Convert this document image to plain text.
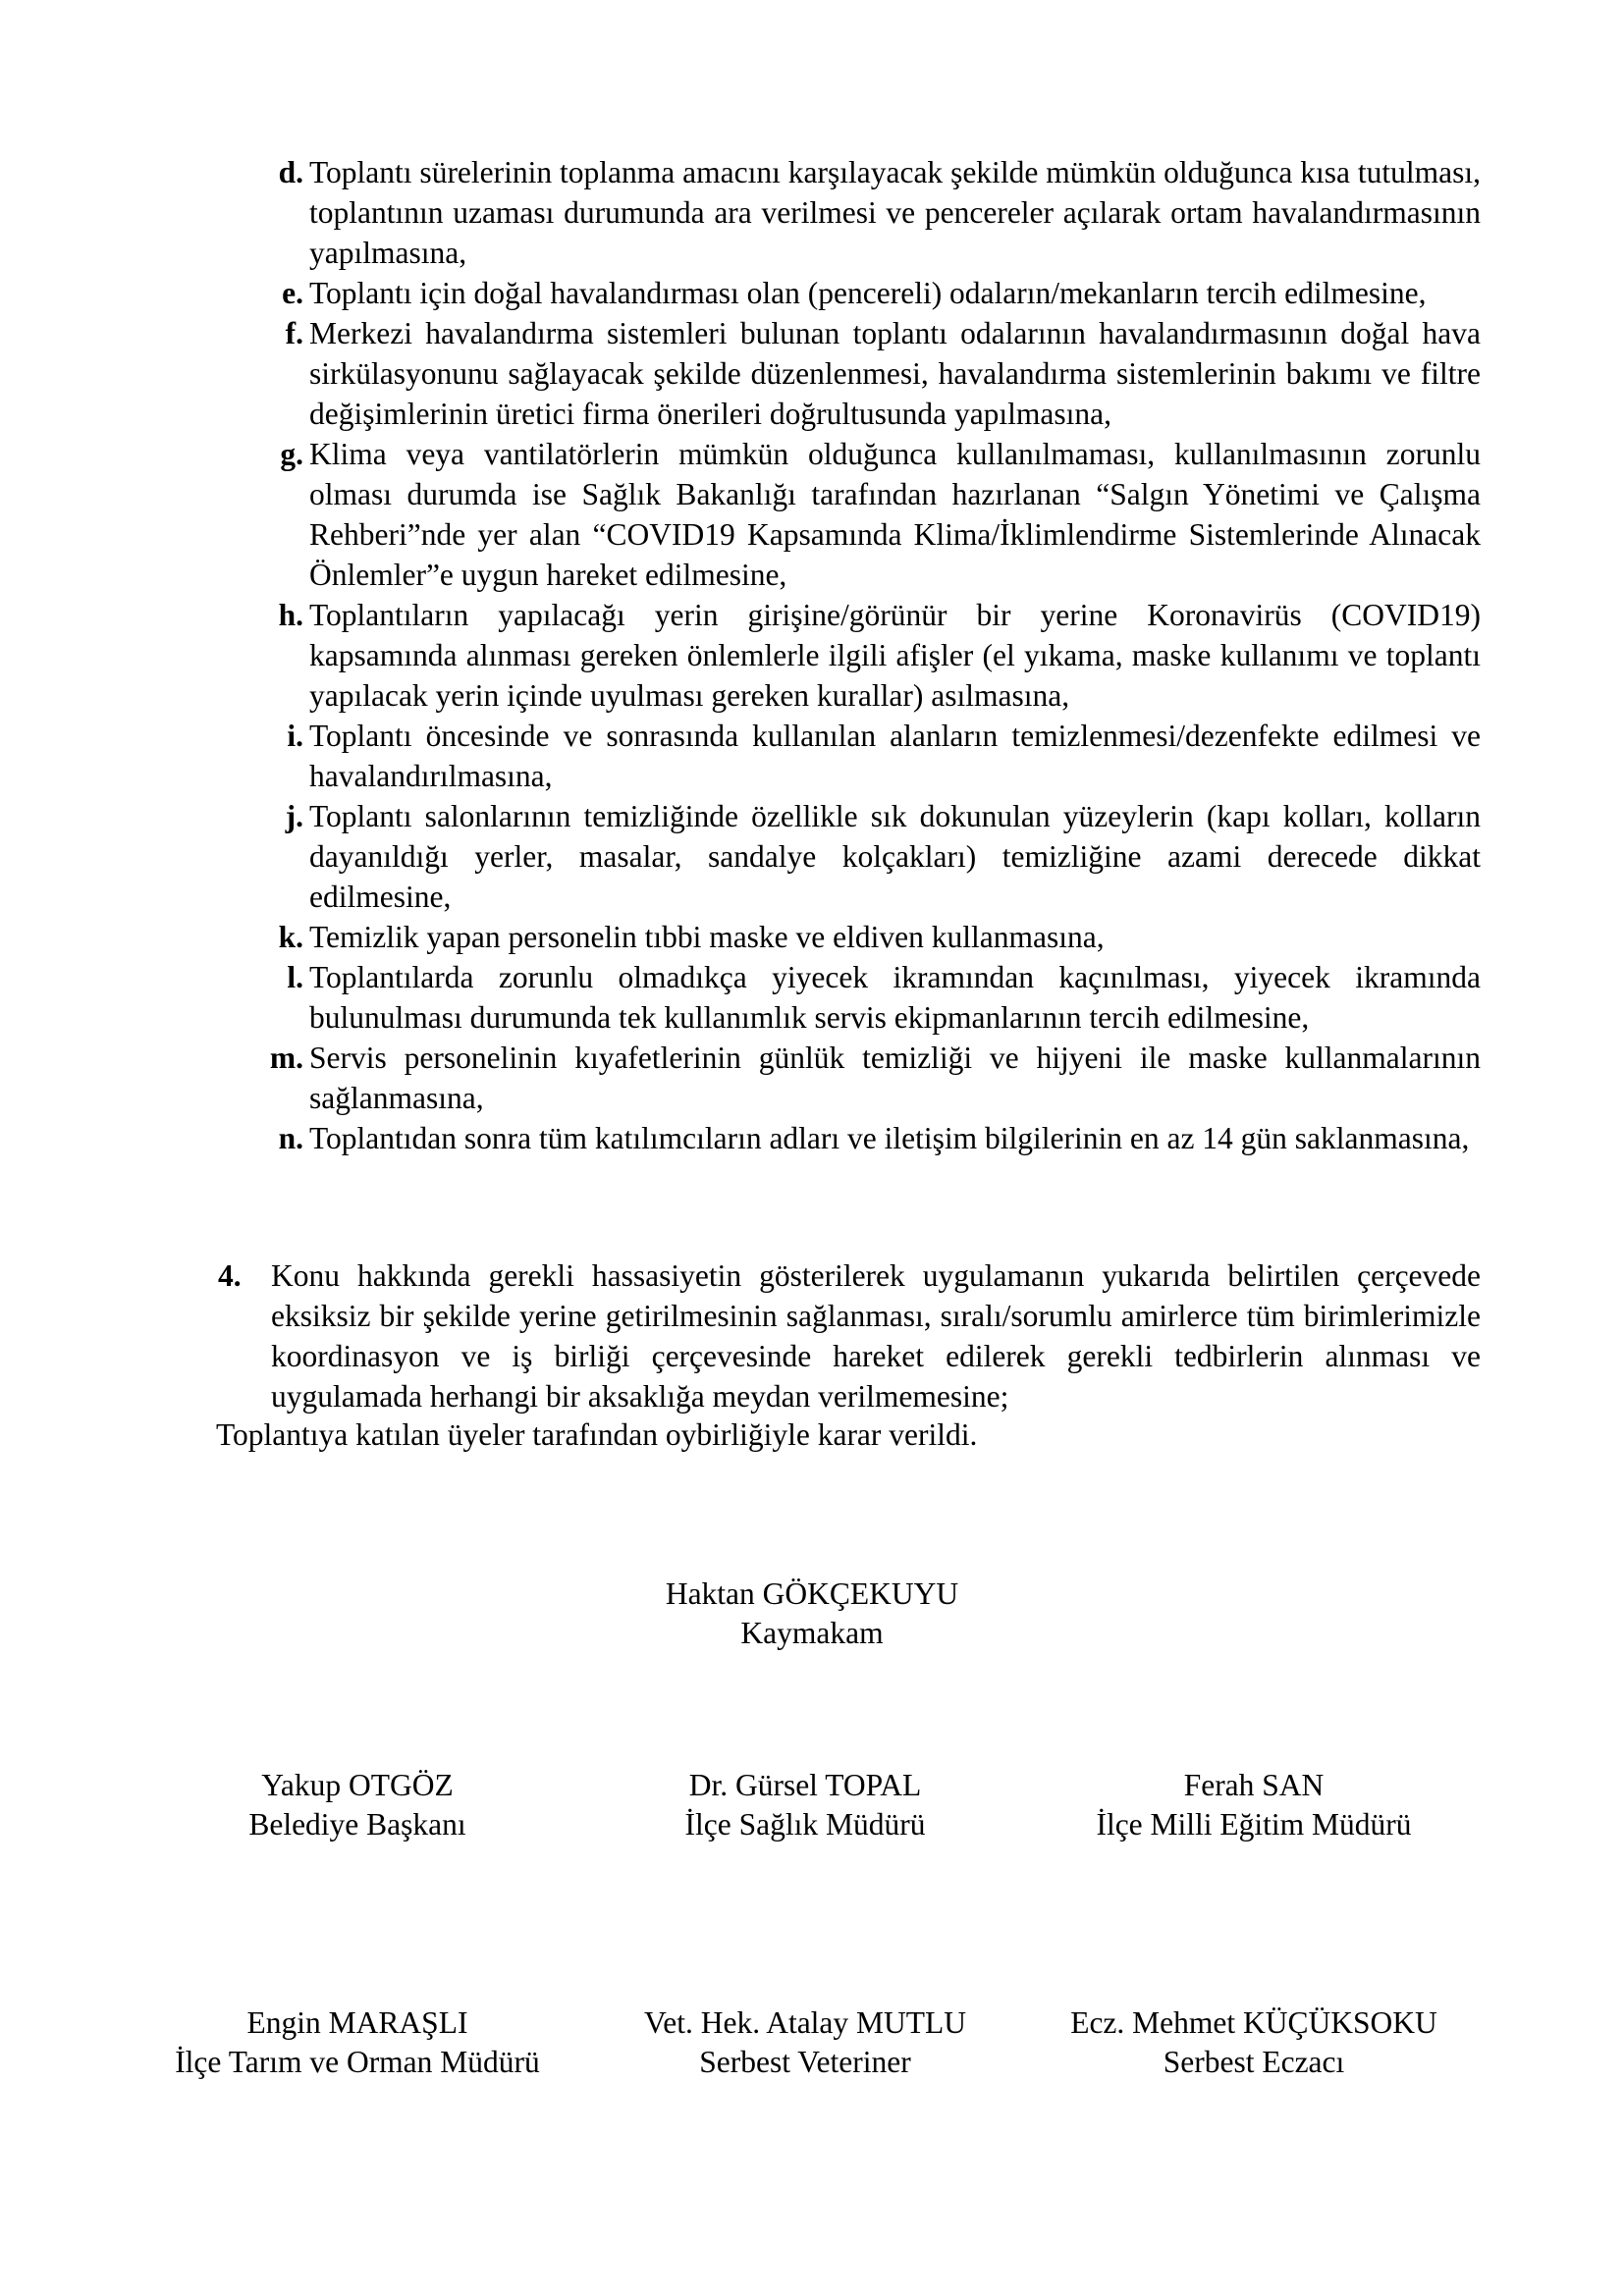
d. Toplantı sürelerinin toplanma amacını karşılayacak şekilde mümkün olduğunca kısa tutulması, toplantının uzaması durumunda ara verilmesi ve pencereler açılarak ortam havalandırmasının yapılmasına,
e. Toplantı için doğal havalandırması olan (pencereli) odaların/mekanların tercih edilmesine,
f. Merkezi havalandırma sistemleri bulunan toplantı odalarının havalandırmasının doğal hava sirkülasyonunu sağlayacak şekilde düzenlenmesi, havalandırma sistemlerinin bakımı ve filtre değişimlerinin üretici firma önerileri doğrultusunda yapılmasına,
g. Klima veya vantilatörlerin mümkün olduğunca kullanılmaması, kullanılmasının zorunlu olması durumda ise Sağlık Bakanlığı tarafından hazırlanan “Salgın Yönetimi ve Çalışma Rehberi”nde yer alan “COVID19 Kapsamında Klima/İklimlendirme Sistemlerinde Alınacak Önlemler”e uygun hareket edilmesine,
h. Toplantıların yapılacağı yerin girişine/görünür bir yerine Koronavirüs (COVID19) kapsamında alınması gereken önlemlerle ilgili afişler (el yıkama, maske kullanımı ve toplantı yapılacak yerin içinde uyulması gereken kurallar) asılmasına,
i. Toplantı öncesinde ve sonrasında kullanılan alanların temizlenmesi/dezenfekte edilmesi ve havalandırılmasına,
j. Toplantı salonlarının temizliğinde özellikle sık dokunulan yüzeylerin (kapı kolları, kolların dayanıldığı yerler, masalar, sandalye kolçakları) temizliğine azami derecede dikkat edilmesine,
k. Temizlik yapan personelin tıbbi maske ve eldiven kullanmasına,
l. Toplantılarda zorunlu olmadıkça yiyecek ikramından kaçınılması, yiyecek ikramında bulunulması durumunda tek kullanımlık servis ekipmanlarının tercih edilmesine,
m. Servis personelinin kıyafetlerinin günlük temizliği ve hijyeni ile maske kullanmalarının sağlanmasına,
n. Toplantıdan sonra tüm katılımcıların adları ve iletişim bilgilerinin en az 14 gün saklanmasına,
4. Konu hakkında gerekli hassasiyetin gösterilerek uygulamanın yukarıda belirtilen çerçevede eksiksiz bir şekilde yerine getirilmesinin sağlanması, sıralı/sorumlu amirlerce tüm birimlerimizle koordinasyon ve iş birliği çerçevesinde hareket edilerek gerekli tedbirlerin alınması ve uygulamada herhangi bir aksaklığa meydan verilmemesine;
Toplantıya katılan üyeler tarafından oybirliğiyle karar verildi.
Haktan GÖKÇEKUYU
Kaymakam
Yakup OTGÖZ
Belediye Başkanı
Dr. Gürsel TOPAL
İlçe Sağlık Müdürü
Ferah SAN
İlçe Milli Eğitim Müdürü
Engin MARAŞLI
İlçe Tarım ve Orman Müdürü
Vet. Hek. Atalay MUTLU
Serbest Veteriner
Ecz. Mehmet KÜÇÜKSOKU
Serbest Eczacı
